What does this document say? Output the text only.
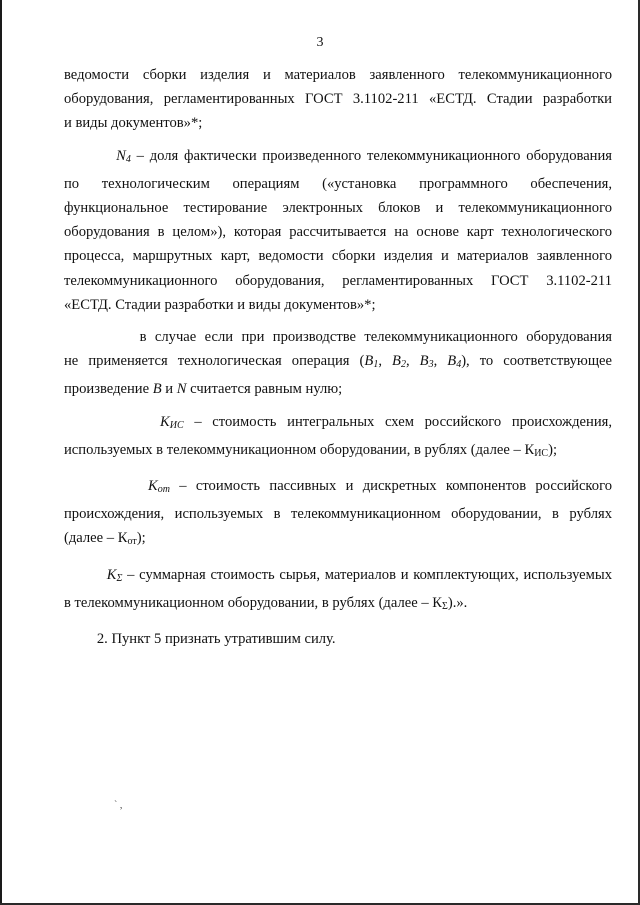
3

ведомости сборки изделия и материалов заявленного телекоммуникационного
оборудования, регламентированных ГОСТ 3.1102-211 «ЕСТД. Стадии разработки
и виды документов»*;

$N_4$ – доля фактически произведенного телекоммуникационного оборудования
по технологическим операциям («установка программного обеспечения,
функциональное тестирование электронных блоков и телекоммуникационного
оборудования в целом»), которая рассчитывается на основе карт технологического
процесса, маршрутных карт, ведомости сборки изделия и материалов заявленного
телекоммуникационного оборудования, регламентированных ГОСТ 3.1102-211
«ЕСТД. Стадии разработки и виды документов»*;

в случае если при производстве телекоммуникационного оборудования
не применяется технологическая операция ($B_1$, $B_2$, $B_3$, $B_4$), то соответствующее
произведение B и N считается равным нулю;

$K_{ИС}$ – стоимость интегральных схем российского происхождения,
используемых в телекоммуникационном оборудовании, в рублях (далее – КИС);

$K_{от}$ – стоимость пассивных и дискретных компонентов российского
происхождения, используемых в телекоммуникационном оборудовании, в рублях
(далее – Кот);

$K_\Sigma$ – суммарная стоимость сырья, материалов и комплектующих, используемых
в телекоммуникационном оборудовании, в рублях (далее – КΣ).».

2. Пункт 5 признать утратившим силу.

` ,
